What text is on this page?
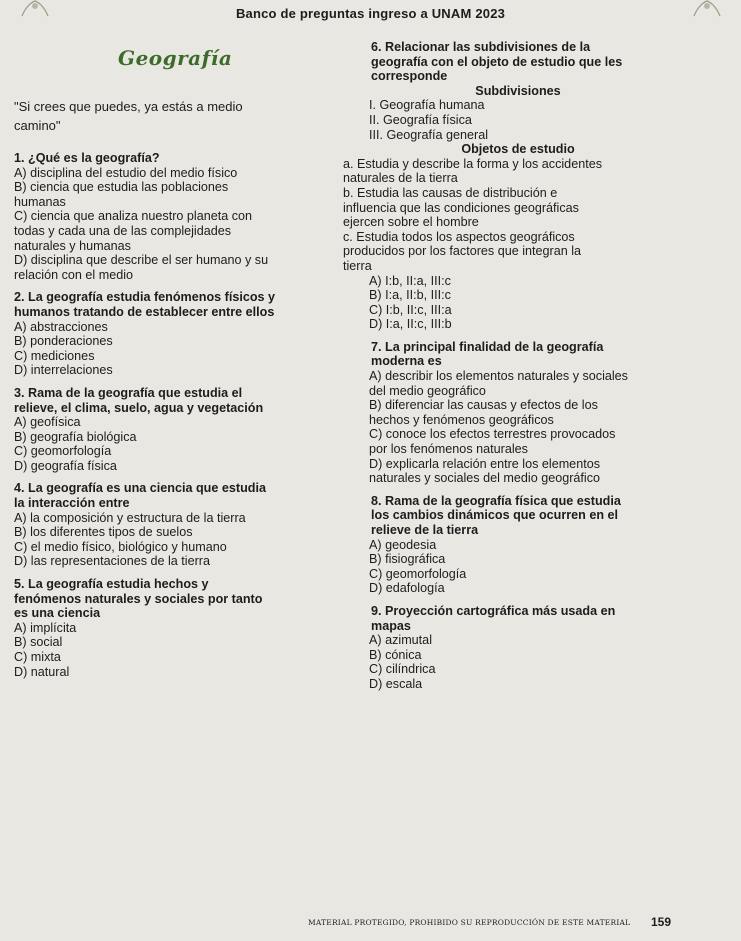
Banco de preguntas ingreso a UNAM 2023
Geografía
"Si crees que puedes, ya estás a medio
camino"
1. ¿Qué es la geografía?
A) disciplina del estudio del medio físico
B) ciencia que estudia las poblaciones
humanas
C) ciencia que analiza nuestro planeta con
todas y cada una de las complejidades
naturales y humanas
D) disciplina que describe el ser humano y su
relación con el medio
2. La geografía estudia fenómenos físicos y
humanos tratando de establecer entre ellos
A) abstracciones
B) ponderaciones
C) mediciones
D) interrelaciones
3. Rama de la geografía que estudia el
relieve, el clima, suelo, agua y vegetación
A) geofísica
B) geografía biológica
C) geomorfología
D) geografía física
4. La geografía es una ciencia que estudia
la interacción entre
A) la composición y estructura de la tierra
B) los diferentes tipos de suelos
C) el medio físico, biológico y humano
D) las representaciones de la tierra
5. La geografía estudia hechos y
fenómenos naturales y sociales por tanto
es una ciencia
A) implícita
B) social
C) mixta
D) natural
6. Relacionar las subdivisiones de la
geografía con el objeto de estudio que les
corresponde
Subdivisiones
I. Geografía humana
II. Geografía física
III. Geografía general
Objetos de estudio
a. Estudia y describe la forma y los accidentes
naturales de la tierra
b. Estudia las causas de distribución e
influencia que las condiciones geográficas
ejercen sobre el hombre
c. Estudia todos los aspectos geográficos
producidos por los factores que integran la
tierra
A) I:b, II:a, III:c
B) I:a, II:b, III:c
C) I:b, II:c, III:a
D) I:a, II:c, III:b
7. La principal finalidad de la geografía
moderna es
A) describir los elementos naturales y sociales
del medio geográfico
B) diferenciar las causas y efectos de los
hechos y fenómenos geográficos
C) conoce los efectos terrestres provocados
por los fenómenos naturales
D) explicarla relación entre los elementos
naturales y sociales del medio geográfico
8. Rama de la geografía física que estudia
los cambios dinámicos que ocurren en el
relieve de la tierra
A) geodesia
B) fisiográfica
C) geomorfología
D) edafología
9. Proyección cartográfica más usada en
mapas
A) azimutal
B) cónica
C) cilíndrica
D) escala
MATERIAL PROTEGIDO, PROHIBIDO SU REPRODUCCIÓN DE ESTE MATERIAL 159
